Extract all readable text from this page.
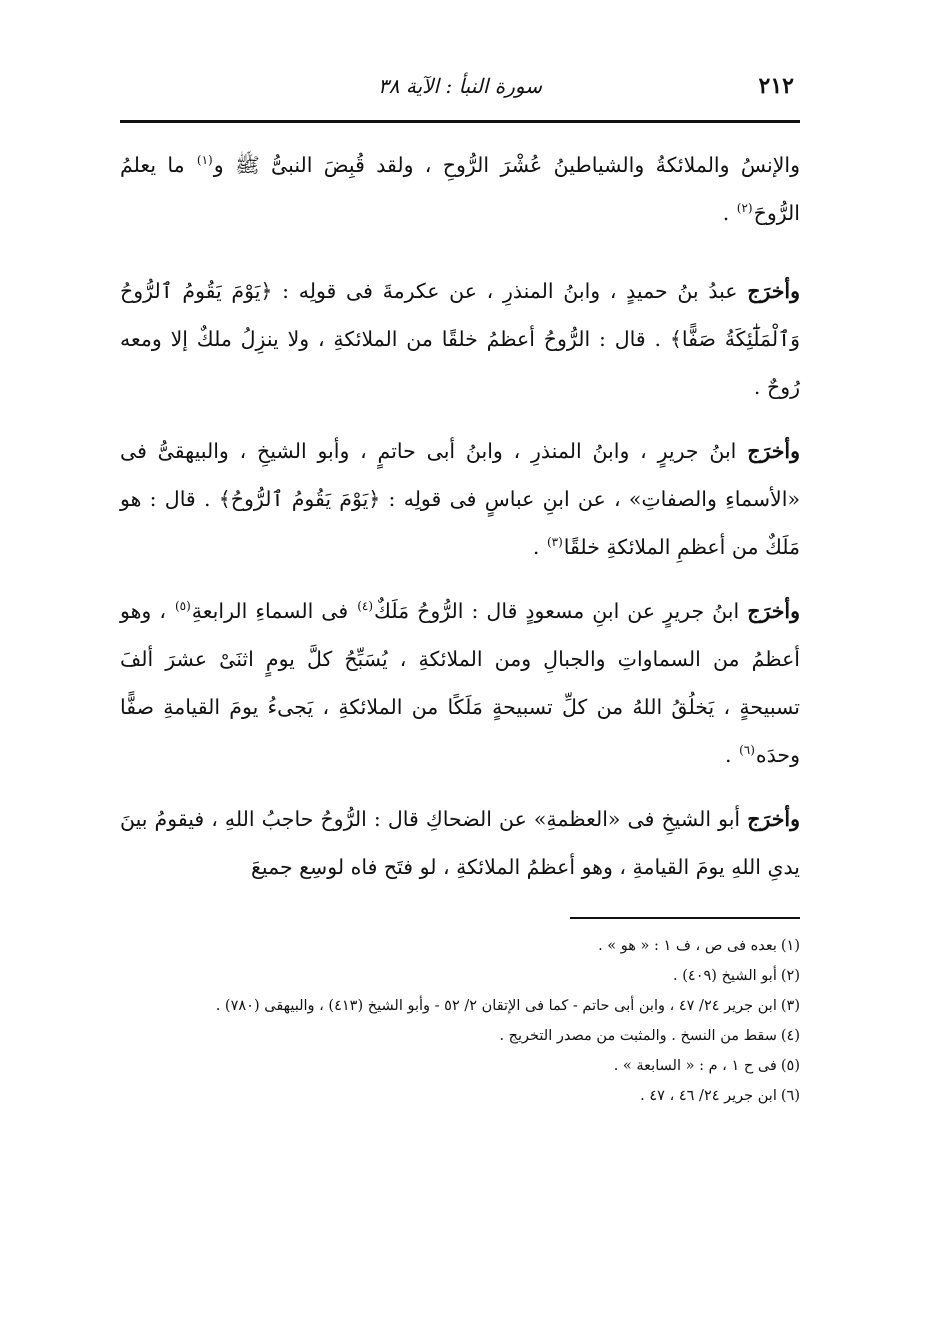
٢١٢
سورة النبأ : الآية ٣٨

والإنسُ والملائكةُ والشياطينُ عُشْرَ الرُّوحِ ، ولقد قُبِضَ النبىُّ ﷺ و$^{(١)}$ ما يعلمُ الرُّوحَ$^{(٢)}$ .

وأخرَج عبدُ بنُ حميدٍ ، وابنُ المنذرِ ، عن عكرمةَ فى قولِه : ﴿يَوْمَ يَقُومُ ٱلرُّوحُ وَٱلْمَلَٰٓئِكَةُ صَفًّا﴾ . قال : الرُّوحُ أعظمُ خلقًا من الملائكةِ ، ولا ينزِلُ ملكٌ إلا ومعه رُوحٌ .

وأخرَج ابنُ جريرٍ ، وابنُ المنذرِ ، وابنُ أبى حاتمٍ ، وأبو الشيخِ ، والبيهقىُّ فى «الأسماءِ والصفاتِ» ، عن ابنِ عباسٍ فى قولِه : ﴿يَوْمَ يَقُومُ ٱلرُّوحُ﴾ . قال : هو مَلَكٌ من أعظمِ الملائكةِ خلقًا$^{(٣)}$ .

وأخرَج ابنُ جريرٍ عن ابنِ مسعودٍ قال : الرُّوحُ مَلَكٌ$^{(٤)}$ فى السماءِ الرابعةِ$^{(٥)}$ ، وهو أعظمُ من السماواتِ والجبالِ ومن الملائكةِ ، يُسَبِّحُ كلَّ يومٍ اثنَىْ عشرَ ألفَ تسبيحةٍ ، يَخلُقُ اللهُ من كلِّ تسبيحةٍ مَلَكًا من الملائكةِ ، يَجىءُ يومَ القيامةِ صفًّا وحدَه$^{(٦)}$ .

وأخرَج أبو الشيخِ فى «العظمةِ» عن الضحاكِ قال : الرُّوحُ حاجبُ اللهِ ، فيقومُ بينَ يدىِ اللهِ يومَ القيامةِ ، وهو أعظمُ الملائكةِ ، لو فتَح فاه لوسِع جميعَ

(١)بعده فى ص ، ف ١ : « هو » .

(٢)أبو الشيخ (٤٠٩) .

(٣)ابن جرير ٢٤/ ٤٧ ، وابن أبى حاتم - كما فى الإتقان ٢/ ٥٢ - وأبو الشيخ (٤١٣) ، والبيهقى (٧٨٠) .

(٤)سقط من النسخ . والمثبت من مصدر التخريج .

(٥)فى ح ١ ، م : « السابعة » .

(٦)ابن جرير ٢٤/ ٤٦ ، ٤٧ .
